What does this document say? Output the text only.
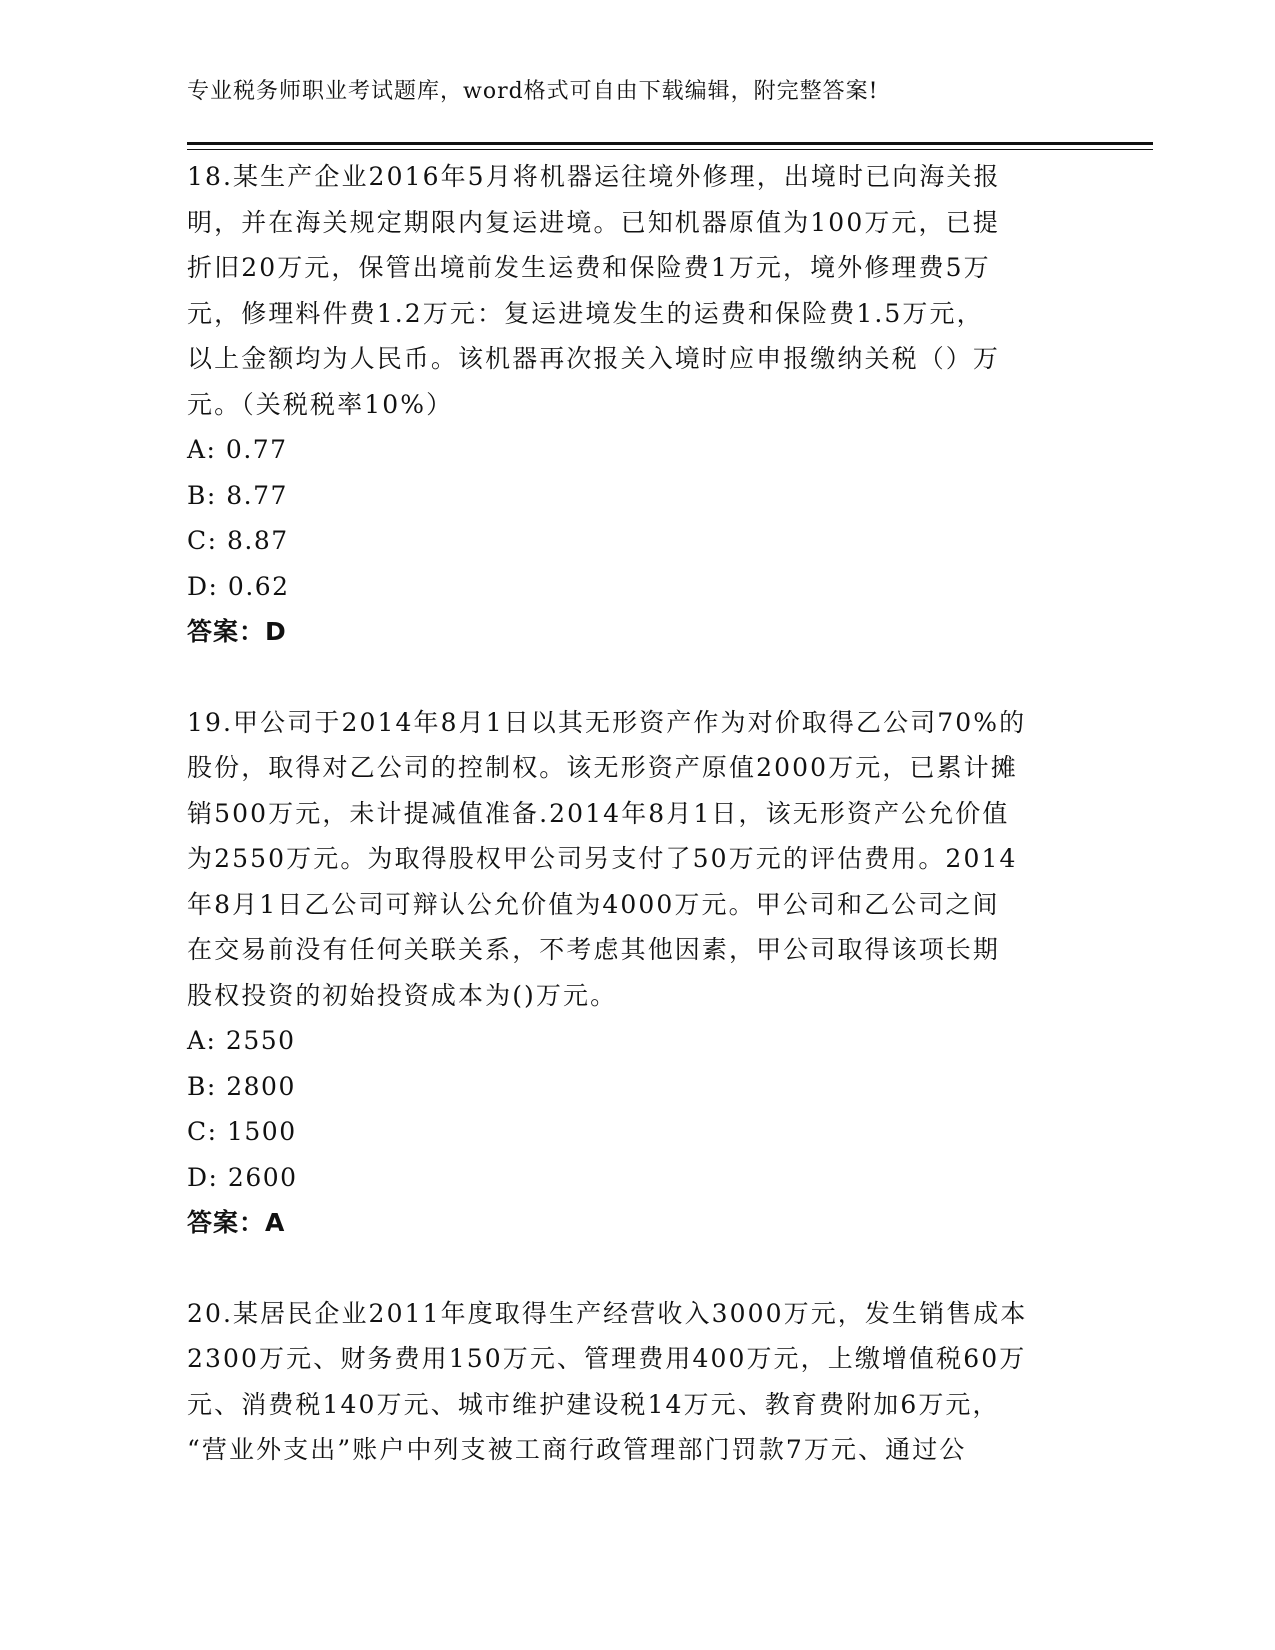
专业税务师职业考试题库，word格式可自由下载编辑，附完整答案!

18.某生产企业2016年5月将机器运往境外修理，出境时已向海关报
明，并在海关规定期限内复运进境。已知机器原值为100万元，已提
折旧20万元，保管出境前发生运费和保险费1万元，境外修理费5万
元，修理料件费1.2万元：复运进境发生的运费和保险费1.5万元，
以上金额均为人民币。该机器再次报关入境时应申报缴纳关税（）万
元。（关税税率10%）

A: 0.77

B: 8.77

C: 8.87

D: 0.62

答案：D

19.甲公司于2014年8月1日以其无形资产作为对价取得乙公司70%的
股份，取得对乙公司的控制权。该无形资产原值2000万元，已累计摊
销500万元，未计提减值准备.2014年8月1日，该无形资产公允价值
为2550万元。为取得股权甲公司另支付了50万元的评估费用。2014
年8月1日乙公司可辩认公允价值为4000万元。甲公司和乙公司之间
在交易前没有任何关联关系，不考虑其他因素，甲公司取得该项长期
股权投资的初始投资成本为()万元。

A: 2550

B: 2800

C: 1500

D: 2600

答案：A

20.某居民企业2011年度取得生产经营收入3000万元，发生销售成本
2300万元、财务费用150万元、管理费用400万元，上缴增值税60万
元、消费税140万元、城市维护建设税14万元、教育费附加6万元，
“营业外支出”账户中列支被工商行政管理部门罚款7万元、通过公
